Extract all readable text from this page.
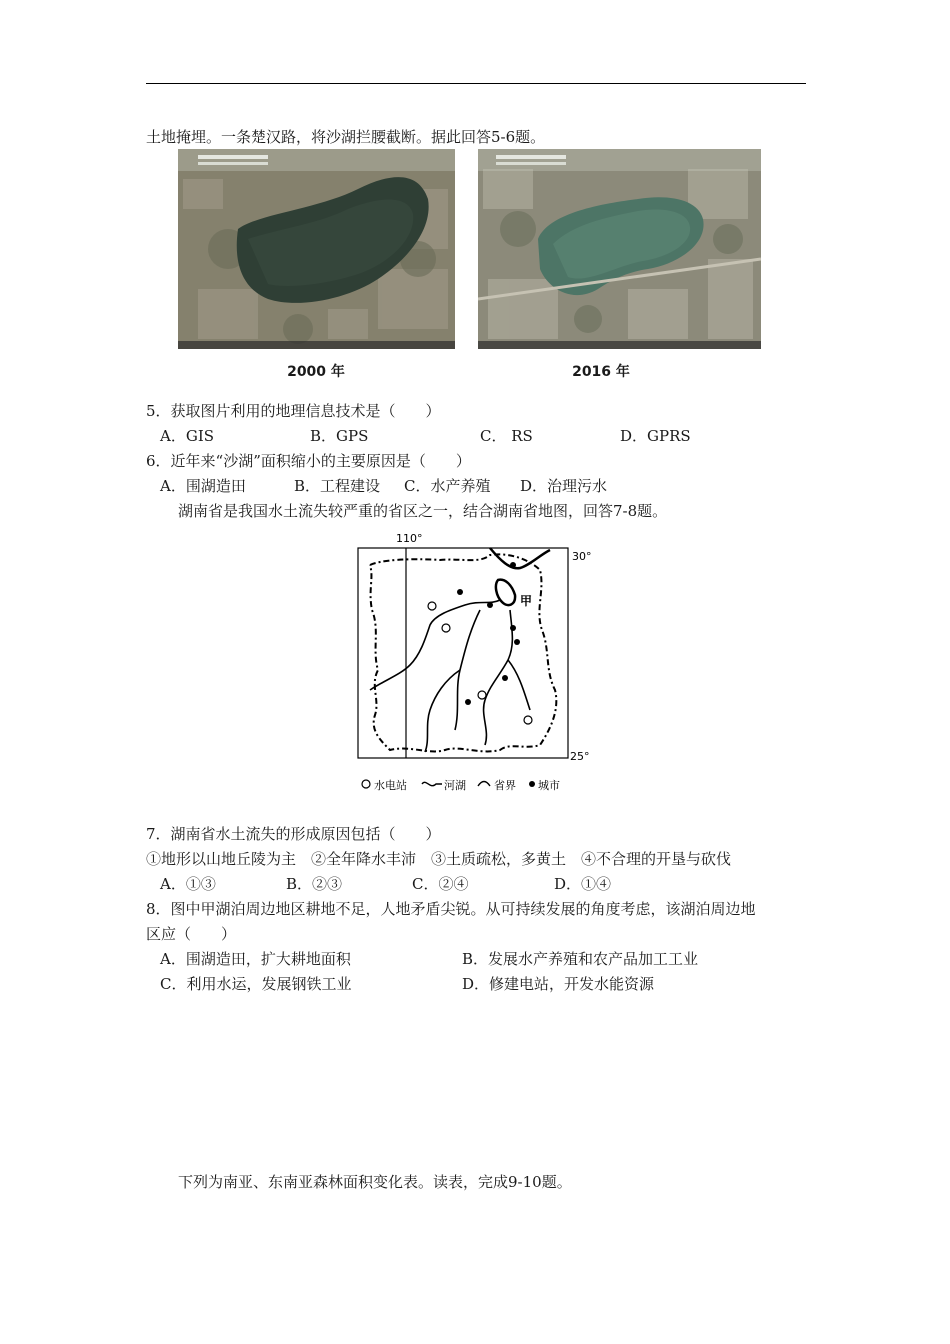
土地掩埋。一条楚汉路，将沙湖拦腰截断。据此回答5-6题。
2000 年	2016 年
5．获取图片利用的地理信息技术是（　　）
A．GIS	B．GPS	C． RS	D．GPRS
6．近年来“沙湖”面积缩小的主要原因是（　　）
A．围湖造田	B．工程建设 C．水产养殖 D．治理污水
湖南省是我国水土流失较严重的省区之一，结合湖南省地图，回答7-8题。
110°
30°
25°
甲
水电站	河湖	省界 城市
7．湖南省水土流失的形成原因包括（　　）
①地形以山地丘陵为主　②全年降水丰沛　③土质疏松，多黄土　④不合理的开垦与砍伐
A．①③	B．②③	C．②④	D．①④
8．图中甲湖泊周边地区耕地不足，人地矛盾尖锐。从可持续发展的角度考虑，该湖泊周边地
区应（　　）
A．围湖造田，扩大耕地面积	B．发展水产养殖和农产品加工工业
C．利用水运，发展钢铁工业	D．修建电站，开发水能资源
下列为南亚、东南亚森林面积变化表。读表，完成9-10题。
